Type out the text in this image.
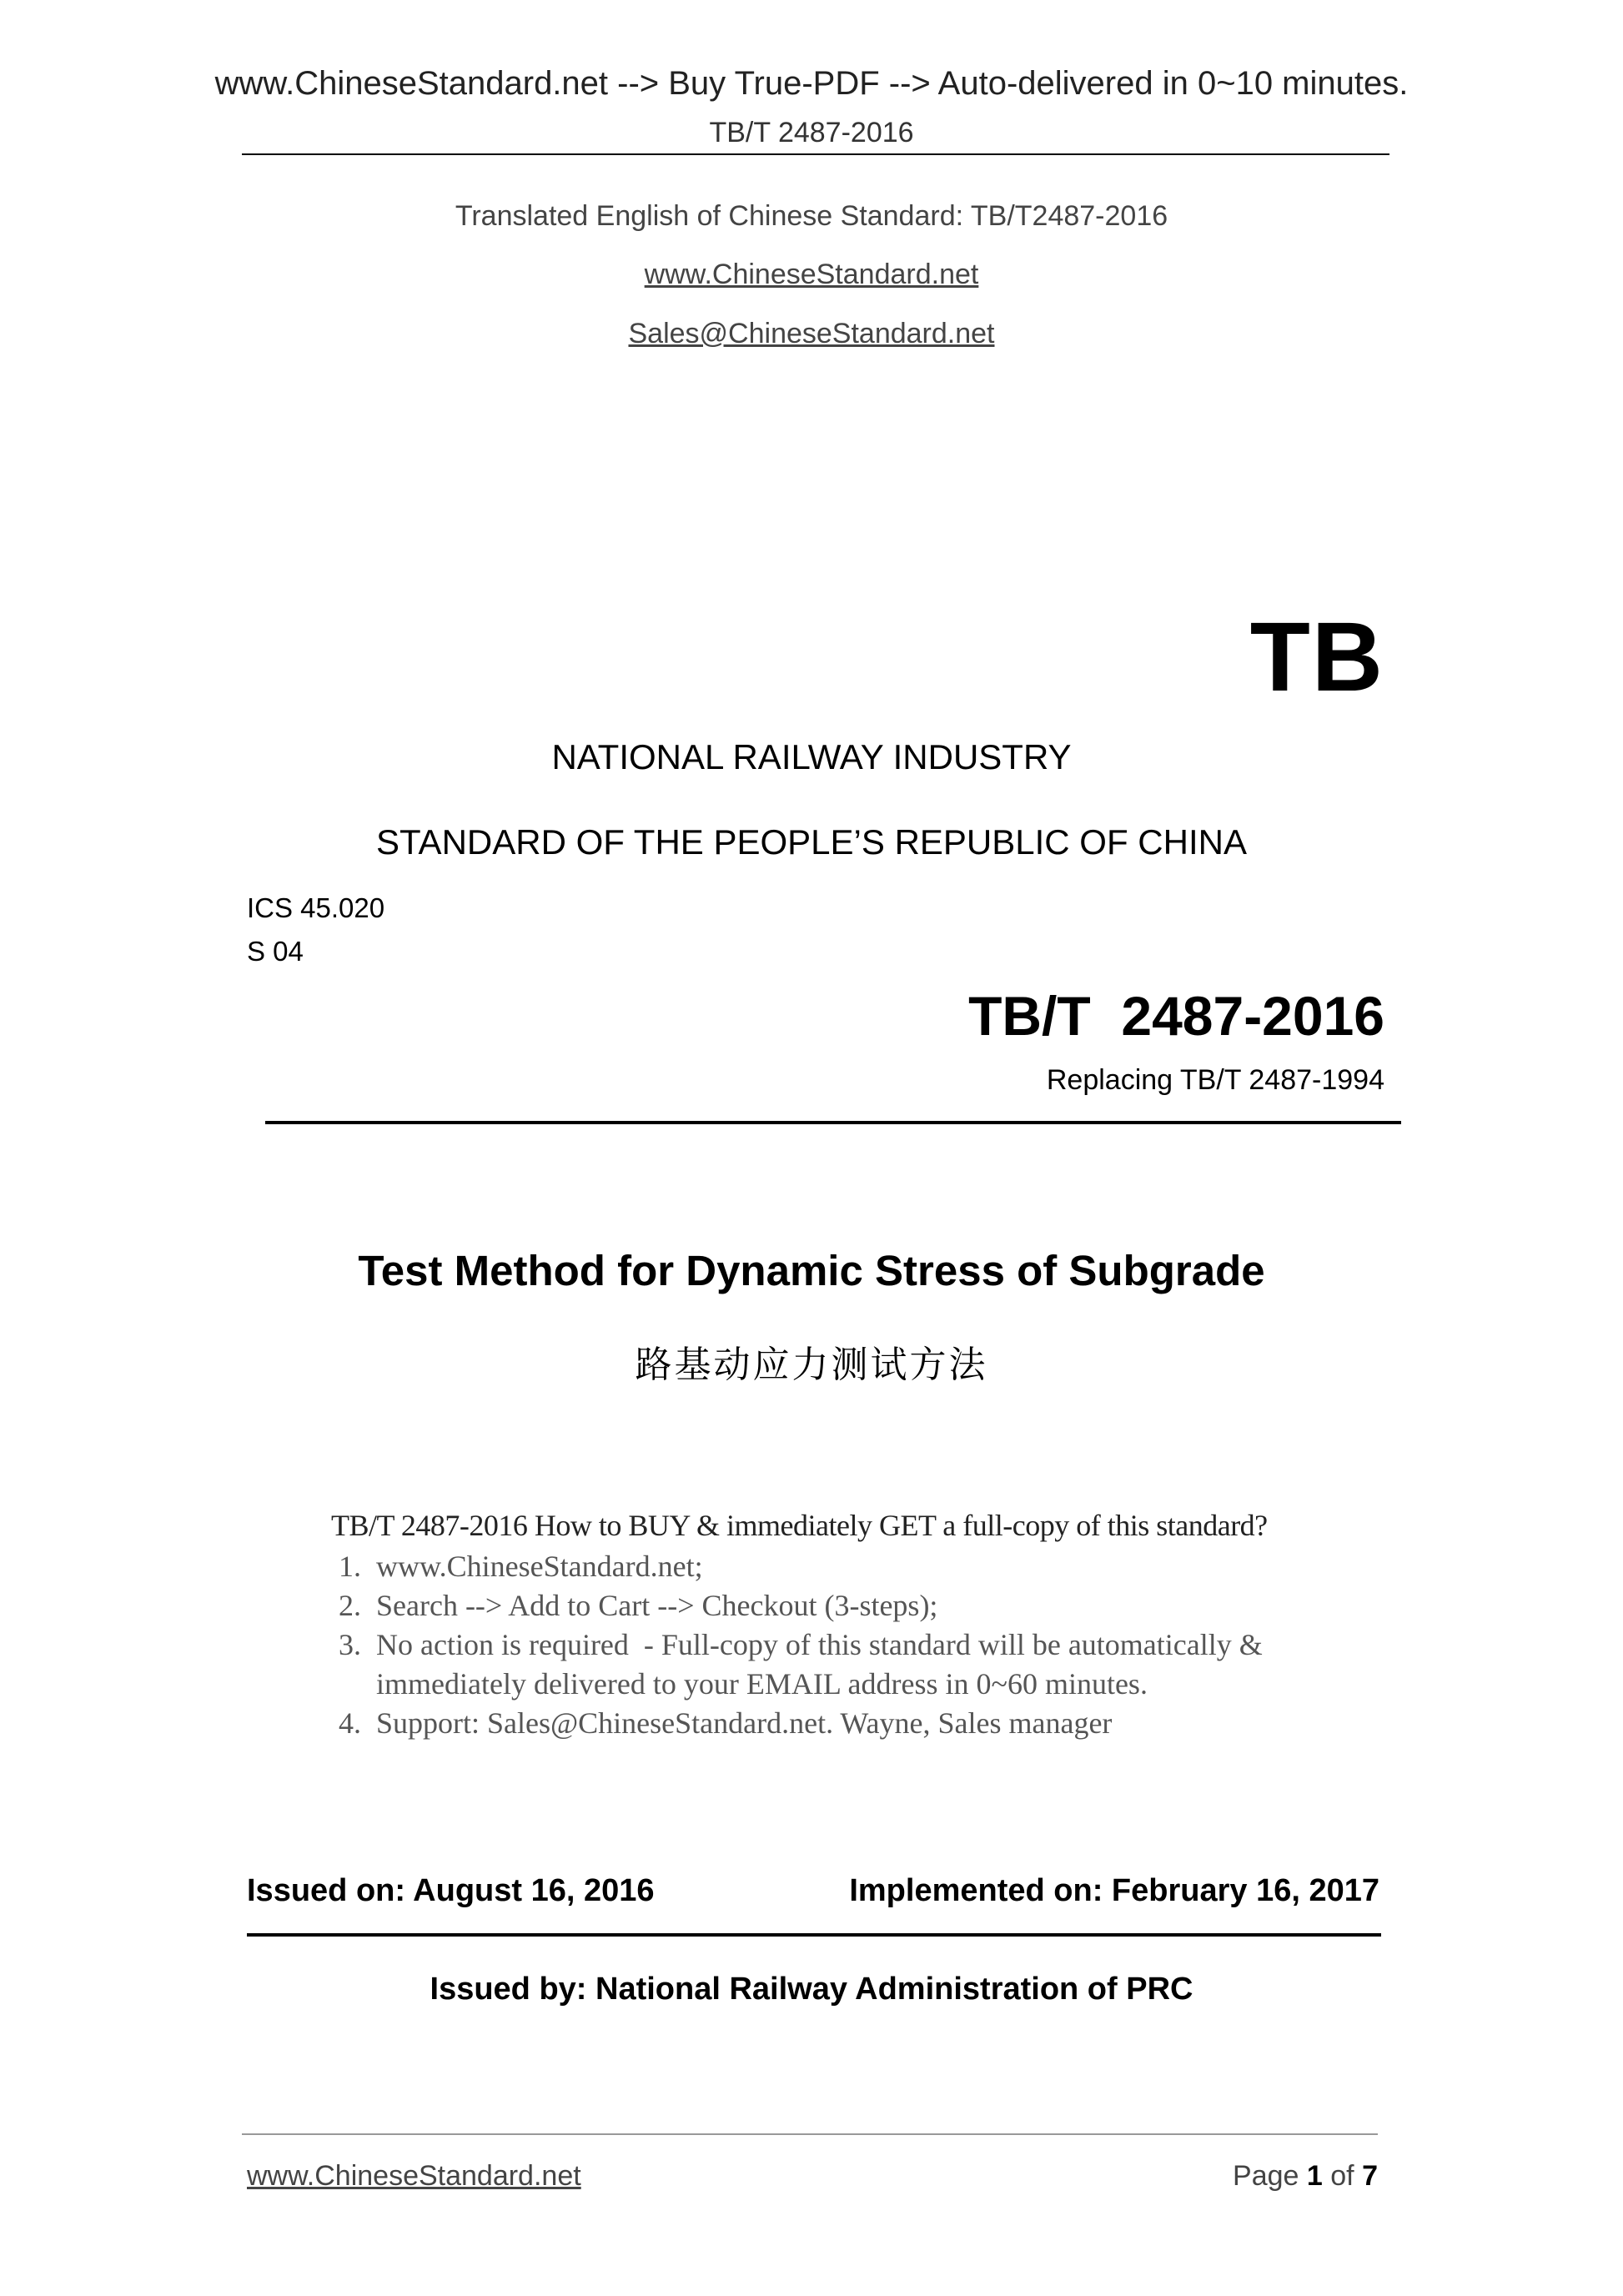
www.ChineseStandard.net --> Buy True-PDF --> Auto-delivered in 0~10 minutes.
TB/T 2487-2016
Translated English of Chinese Standard: TB/T2487-2016
www.ChineseStandard.net
Sales@ChineseStandard.net
TB
NATIONAL RAILWAY INDUSTRY
STANDARD OF THE PEOPLE’S REPUBLIC OF CHINA
ICS 45.020
S 04
TB/T  2487-2016
Replacing TB/T 2487-1994
Test Method for Dynamic Stress of Subgrade
路基动应力测试方法
TB/T 2487-2016 How to BUY & immediately GET a full-copy of this standard?
1.  www.ChineseStandard.net;
2.  Search --> Add to Cart --> Checkout (3-steps);
3.  No action is required  - Full-copy of this standard will be automatically &
immediately delivered to your EMAIL address in 0~60 minutes.
4.  Support: Sales@ChineseStandard.net. Wayne, Sales manager
Issued on: August 16, 2016	Implemented on: February 16, 2017
Issued by: National Railway Administration of PRC
www.ChineseStandard.net	Page 1 of 7
